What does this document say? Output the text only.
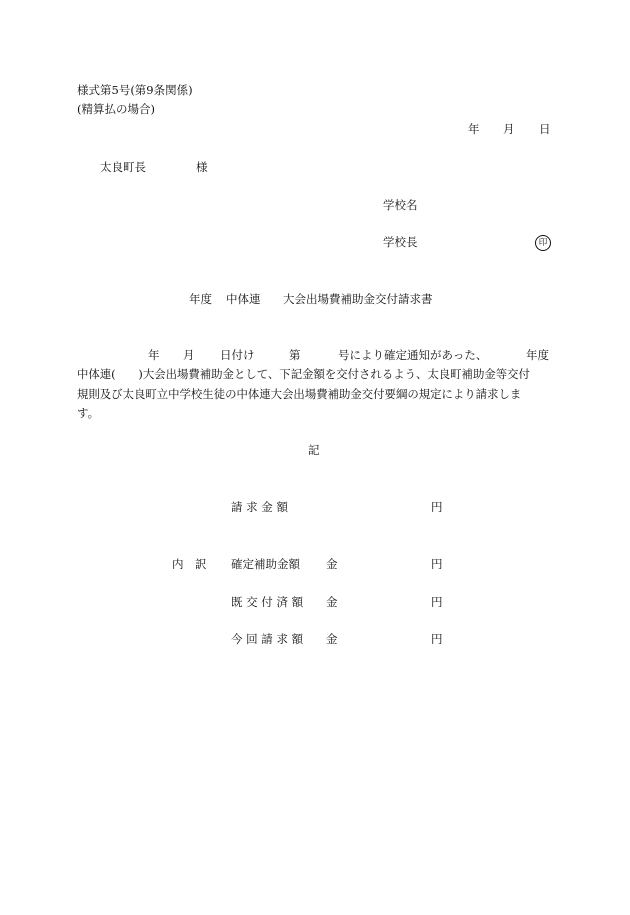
様式第5号(第9条関係)
(精算払の場合)
年 月 日
太良町長	様
学校名
学校長	印
年度 中体連 大会出場費補助金交付請求書
年 月 日付け	第	号により確定通知があった、	年度
中体連(　　)大会出場費補助金として、下記金額を交付されるよう、太良町補助金等交付
規則及び太良町立中学校生徒の中体連大会出場費補助金交付要綱の規定により請求しま
す。
記
請 求 金 額	円
内　訳 確定補助金額 金	円
既 交 付 済 額 金	円
今 回 請 求 額 金	円
